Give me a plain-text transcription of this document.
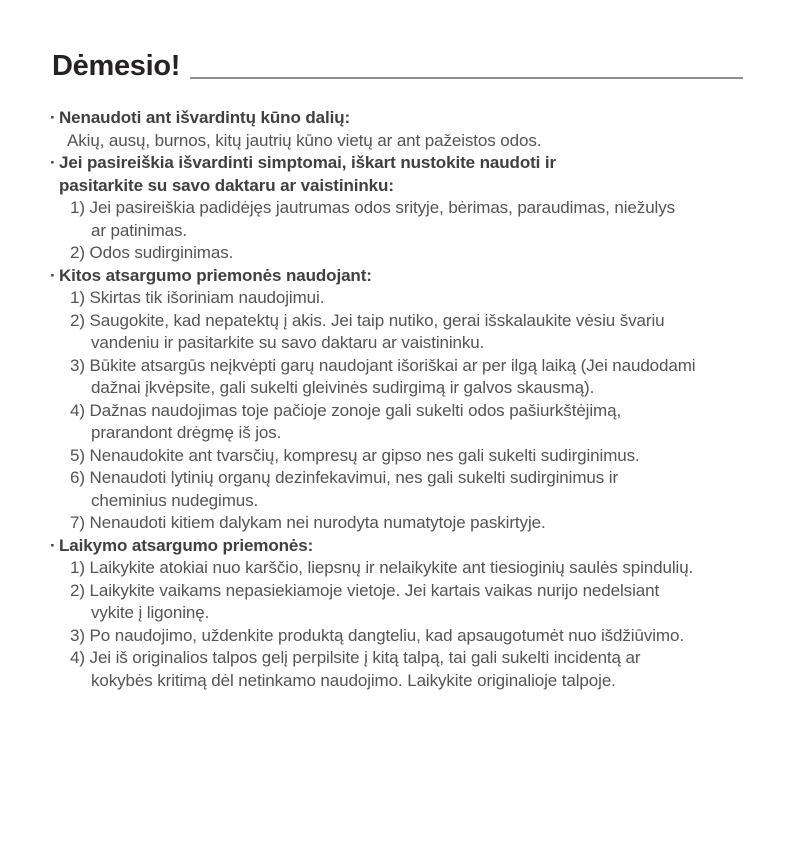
Dėmesio!
· Nenaudoti ant išvardintų kūno dalių:
Akių, ausų, burnos, kitų jautrių kūno vietų ar ant pažeistos odos.
· Jei pasireiškia išvardinti simptomai, iškart nustokite naudoti ir
pasitarkite su savo daktaru ar vaistininku:
1) Jei pasireiškia padidėjęs jautrumas odos srityje, bėrimas, paraudimas, niežulys
ar patinimas.
2) Odos sudirginimas.
· Kitos atsargumo priemonės naudojant:
1) Skirtas tik išoriniam naudojimui.
2) Saugokite, kad nepatektų į akis. Jei taip nutiko, gerai išskalaukite vėsiu švariu
vandeniu ir pasitarkite su savo daktaru ar vaistininku.
3) Būkite atsargūs neįkvėpti garų naudojant išoriškai ar per ilgą laiką (Jei naudodami
dažnai įkvėpsite, gali sukelti gleivinės sudirgimą ir galvos skausmą).
4) Dažnas naudojimas toje pačioje zonoje gali sukelti odos pašiurkštėjimą,
prarandont drėgmę iš jos.
5) Nenaudokite ant tvarsčių, kompresų ar gipso nes gali sukelti sudirginimus.
6) Nenaudoti lytinių organų dezinfekavimui, nes gali sukelti sudirginimus ir
cheminius nudegimus.
7) Nenaudoti kitiem dalykam nei nurodyta numatytoje paskirtyje.
· Laikymo atsargumo priemonės:
1) Laikykite atokiai nuo karščio, liepsnų ir nelaikykite ant tiesioginių saulės spindulių.
2) Laikykite vaikams nepasiekiamoje vietoje. Jei kartais vaikas nurijo nedelsiant
vykite į ligoninę.
3) Po naudojimo, uždenkite produktą dangteliu, kad apsaugotumėt nuo išdžiūvimo.
4) Jei iš originalios talpos gelį perpilsite į kitą talpą, tai gali sukelti incidentą ar
kokybės kritimą dėl netinkamo naudojimo. Laikykite originalioje talpoje.
